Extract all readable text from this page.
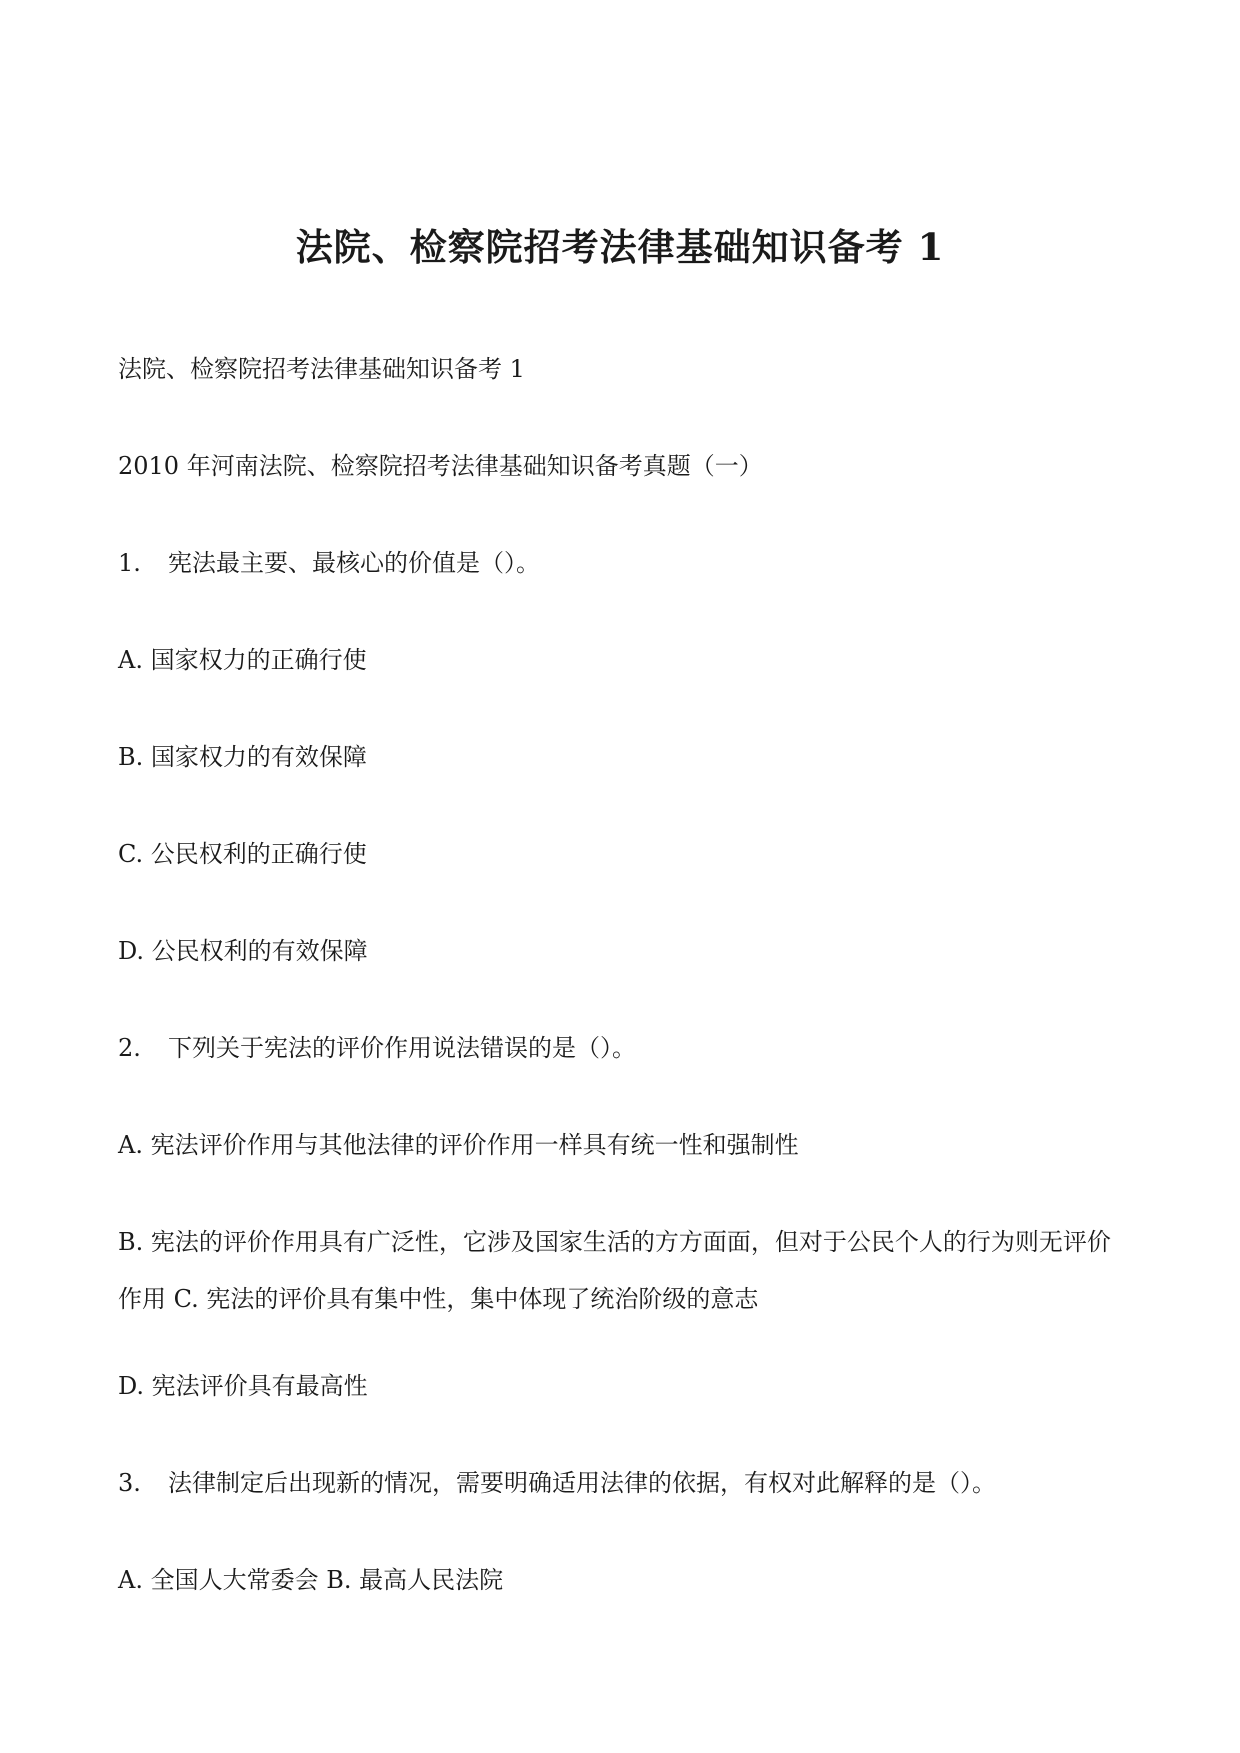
法院、检察院招考法律基础知识备考 1
法院、检察院招考法律基础知识备考 1
2010 年河南法院、检察院招考法律基础知识备考真题（一）
1. 宪法最主要、最核心的价值是（）。
A. 国家权力的正确行使
B. 国家权力的有效保障
C. 公民权利的正确行使
D. 公民权利的有效保障
2. 下列关于宪法的评价作用说法错误的是（）。
A. 宪法评价作用与其他法律的评价作用一样具有统一性和强制性
B. 宪法的评价作用具有广泛性，它涉及国家生活的方方面面，但对于公民个人的行为则无评价作用 C. 宪法的评价具有集中性，集中体现了统治阶级的意志
D. 宪法评价具有最高性
3. 法律制定后出现新的情况，需要明确适用法律的依据，有权对此解释的是（）。
A. 全国人大常委会 B. 最高人民法院
